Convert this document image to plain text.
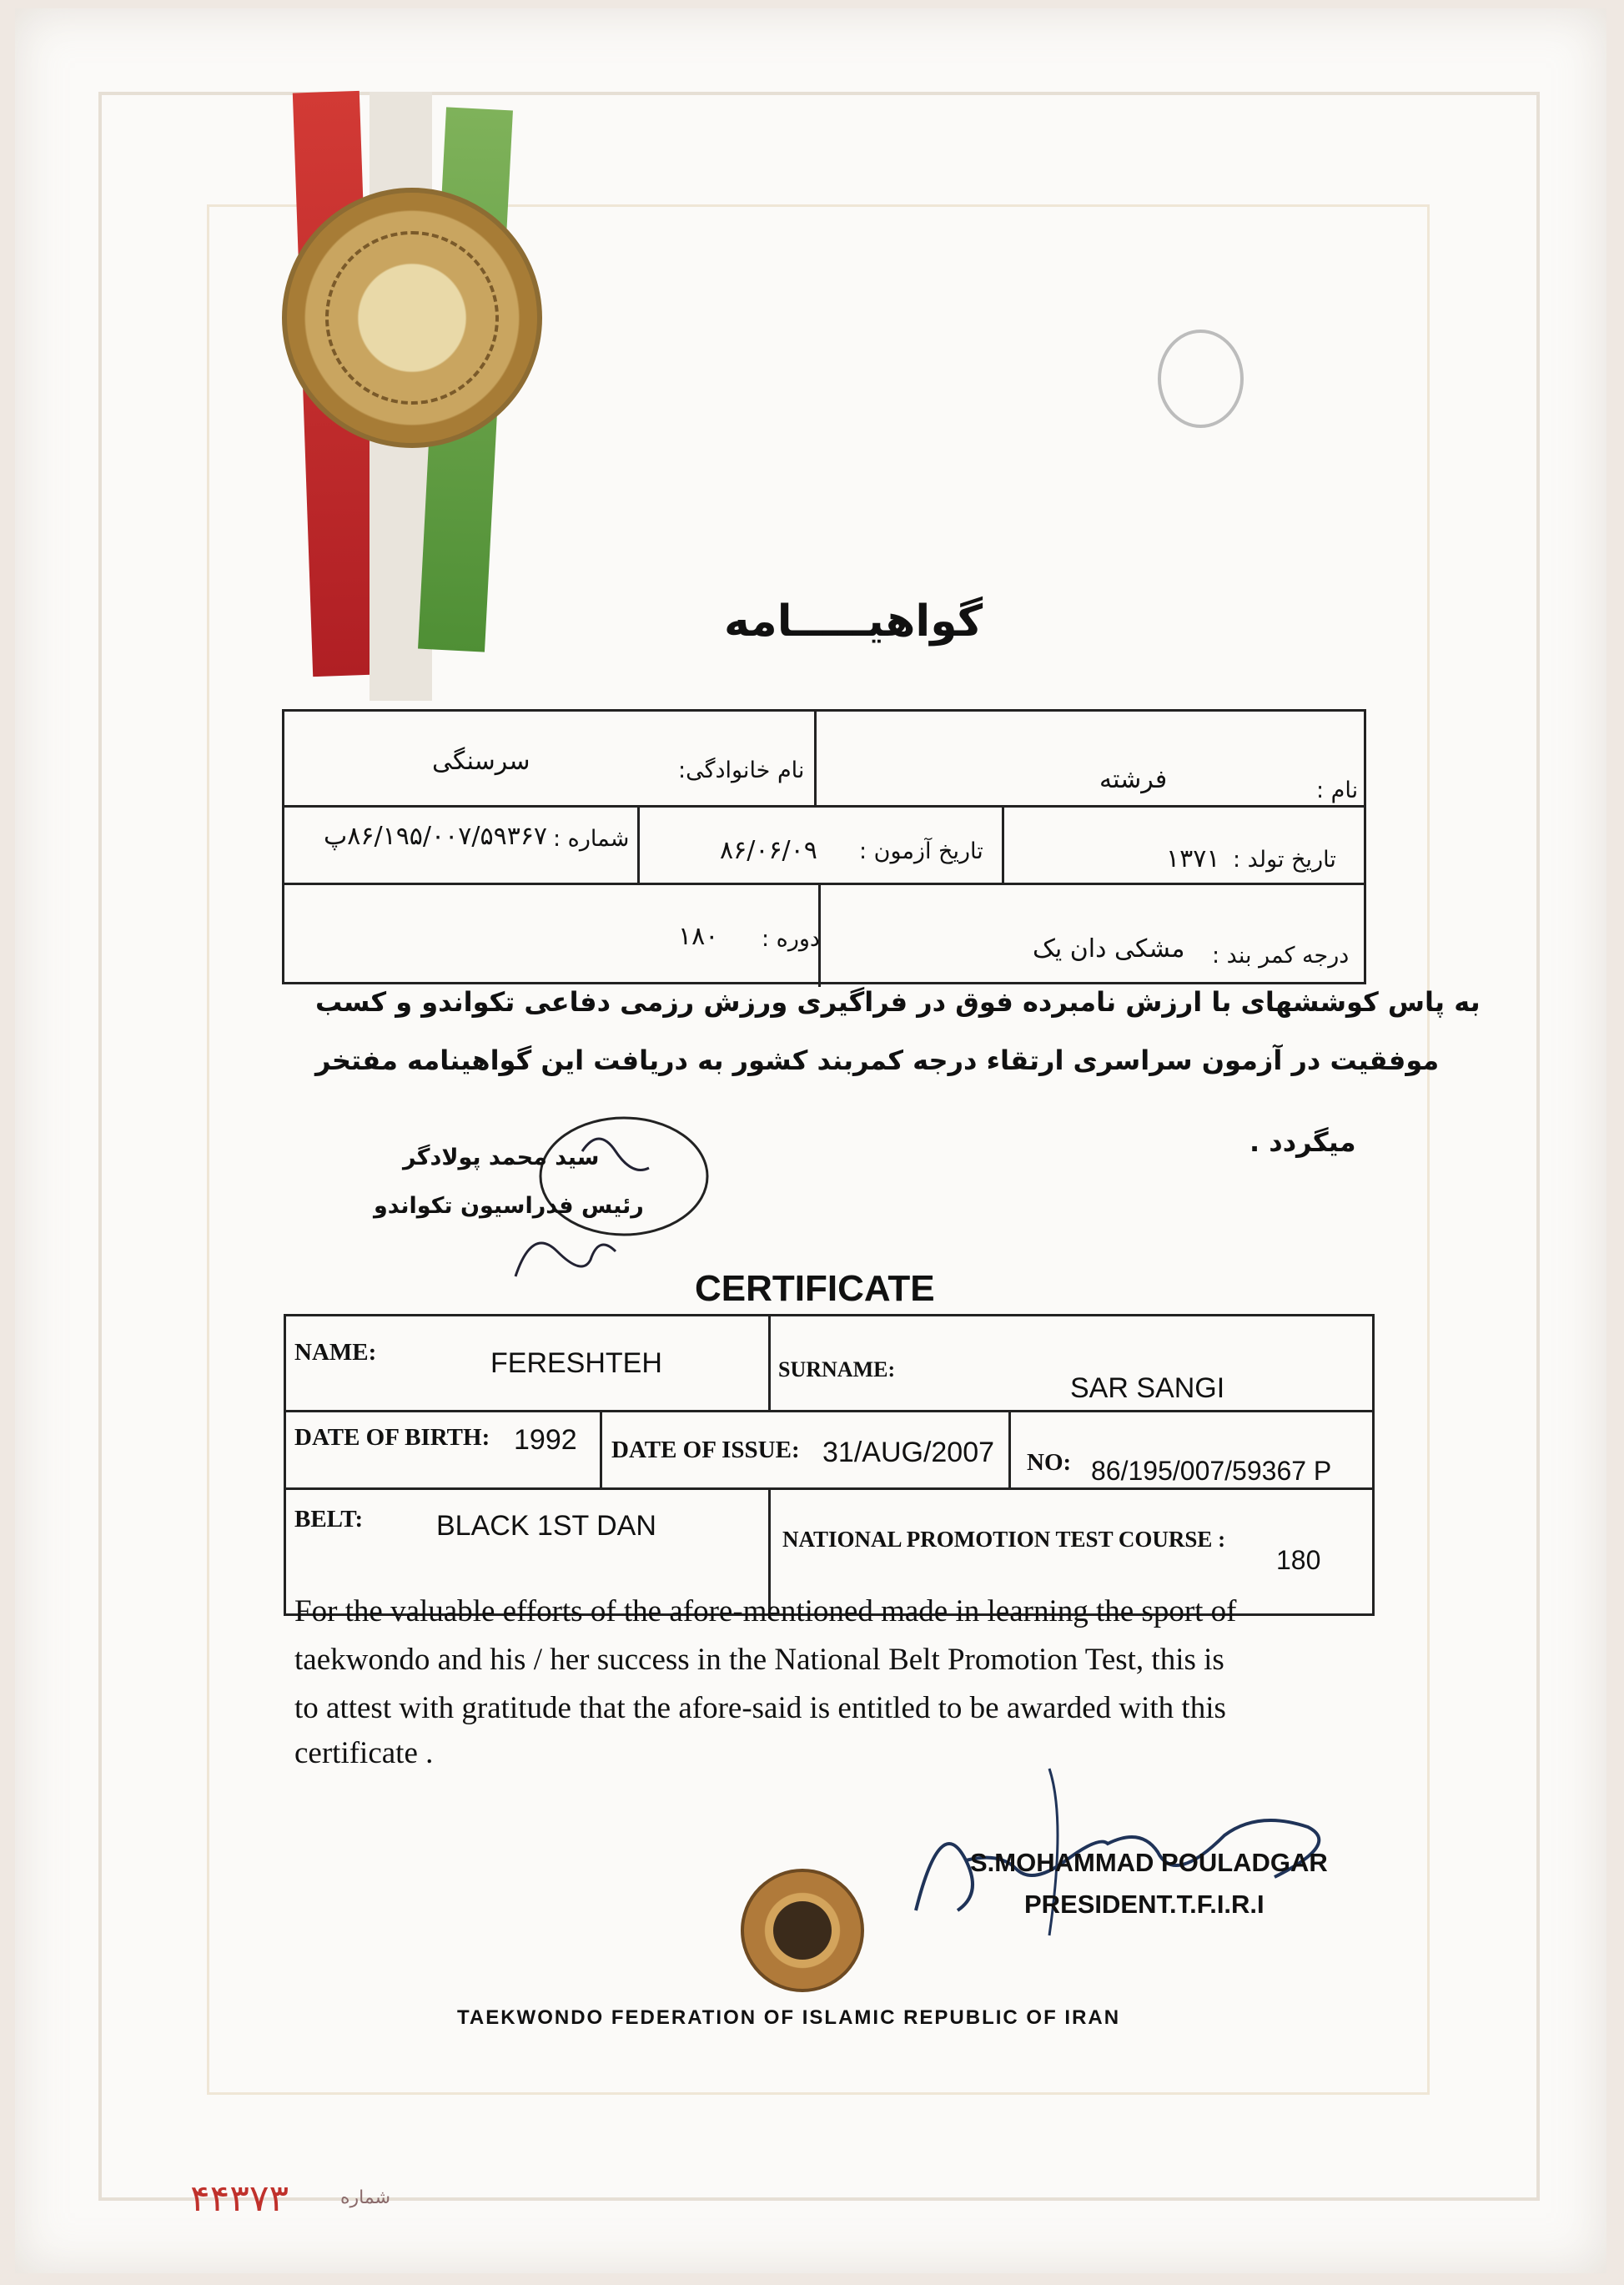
گواهیـــــامه
نام :
فرشته
نام خانوادگی:
سرسنگی
تاریخ تولد :
۱۳۷۱
تاریخ آزمون :
۸۶/۰۶/۰۹
شماره :
۸۶/۱۹۵/۰۰۷/۵۹۳۶۷پ
درجه کمر بند :
مشکی دان یک
دوره :
۱۸۰
به پاس کوششهای با ارزش نامبرده فوق در فراگیری ورزش رزمی دفاعی تکواندو و کسب
موفقیت در آزمون سراسری ارتقاء درجه کمربند کشور به دریافت این گواهینامه مفتخر
میگردد .
سید محمد پولادگر
رئیس فدراسیون تکواندو
CERTIFICATE
NAME:	FERESHTEH	SURNAME:
SAR SANGI
DATE OF BIRTH: 1992 DATE OF ISSUE: 31/AUG/2007 NO: 86/195/007/59367 P
BELT:	BLACK 1ST DAN	NATIONAL PROMOTION TEST COURSE :
180
For the valuable efforts of the afore-mentioned made in learning the sport of
taekwondo and his / her success in the National Belt Promotion Test, this is
to attest with gratitude that the afore-said is entitled to be awarded with this
certificate .
S.MOHAMMAD POULADGAR
PRESIDENT.T.F.I.R.I
TAEKWONDO FEDERATION OF ISLAMIC REPUBLIC OF IRAN
۴۴۳۷۳	شماره
